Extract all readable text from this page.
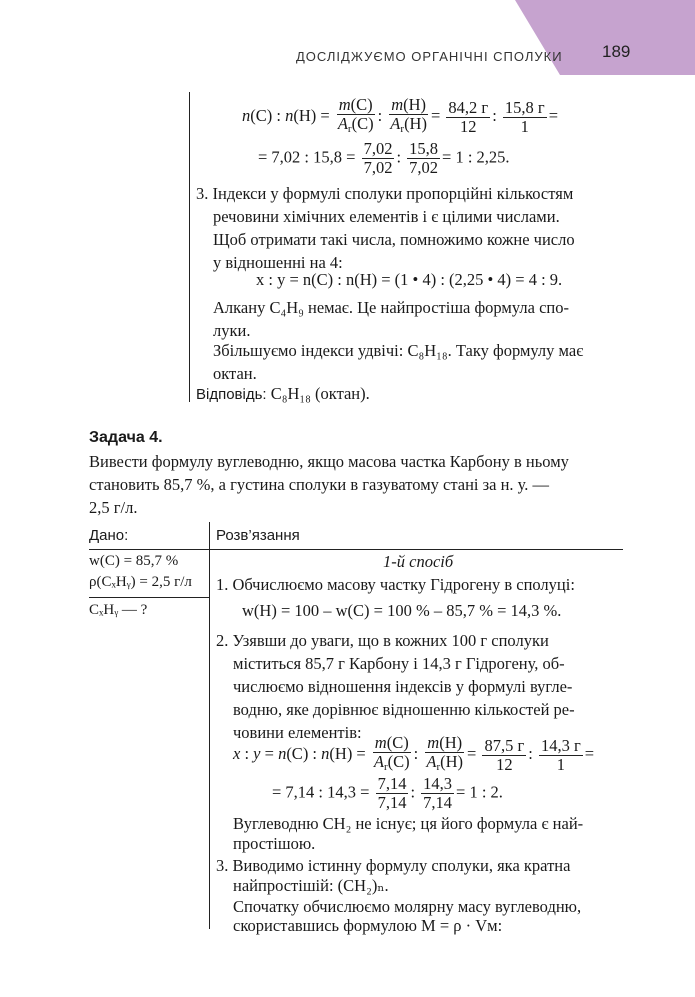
ДОСЛІДЖУЄМО ОРГАНІЧНІ СПОЛУКИ 189
n(C) : $n(H) = \frac{m(C)}{A_r(C)}$ : $\frac{m(H)}{A_r(H)} = 84,2$ г
12
: 15,8 г
1
=
= 7,02 : $15,8 = \frac{7,02}{7,02}$ : $\frac{15,8}{7,02} = 1$ : 2,25.
3. Індекси у формулі сполуки пропорційні кількостям
речовини хімічних елементів і є цілими числами.
Щоб отримати такі числа, помножимо кожне число
у відношенні на 4:
x : y = n(C) : n(H) = (1 • 4) : (2,25 • 4) = 4 : 9.
Алкану C₄H₉ немає. Це найпростіша формула спо-
луки.
Збільшуємо індекси удвічі: C₈H₁₈. Таку формулу має
октан.
Відповідь: C₈H₁₈ (октан).
Задача 4.
Вивести формулу вуглеводню, якщо масова частка Карбону в ньому
становить 85,7 %, а густина сполуки в газуватому стані за н. у. —
2,5 г/л.
Дано:	Розв’язання
w(C) = 85,7 %
ρ(CₓHᵧ) = 2,5 г/л
CₓHᵧ — ?
1-й спосіб
1. Обчислюємо масову частку Гідрогену в сполуці:
w(H) = 100 – w(C) = 100 % – 85,7 % = 14,3 %.
2. Узявши до уваги, що в кожних 100 г сполуки
міститься 85,7 г Карбону і 14,3 г Гідрогену, об-
числюємо відношення індексів у формулі вугле-
водню, яке дорівнює відношенню кількостей ре-
човини елементів:
x : y = n(C) : $n(H) = \frac{m(C)}{A_r(C)}$ : $\frac{m(H)}{A_r(H)} = 87,5$ г
12
: 14,3 г
1
=
= 7,14 : $14,3 = \frac{7,14}{7,14}$ : $\frac{14,3}{7,14} = 1$ : 2.
Вуглеводню CH₂ не існує; ця його формула є най-
простішою.
3. Виводимо істинну формулу сполуки, яка кратна
найпростішій: (CH₂)ₙ.
Спочатку обчислюємо молярну масу вуглеводню,
скориставшись формулою M = ρ · Vм:
